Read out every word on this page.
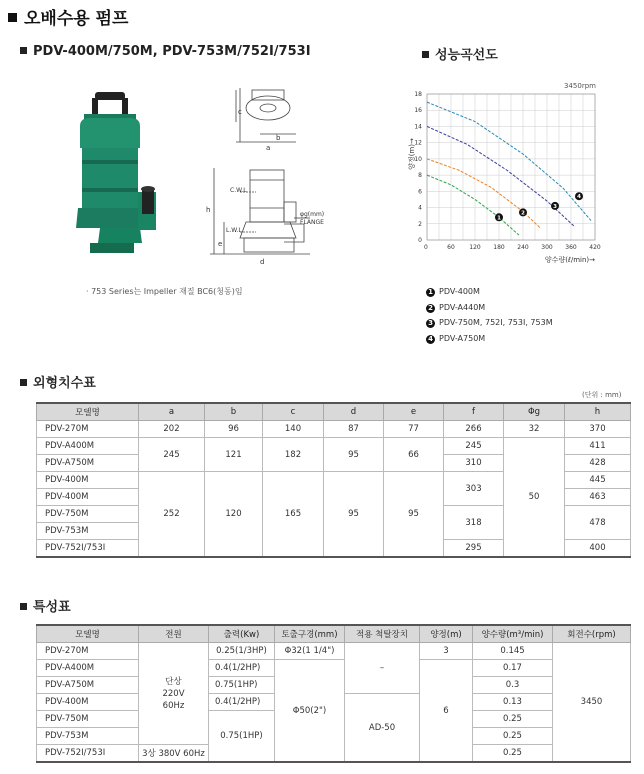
오배수용 펌프
PDV-400M/750M, PDV-753M/752I/753I	성능곡선도
c
b
a
C.W.L
h
L.W.L
e
φg(mm)
FLANGE
d
· 753 Series는 Impeller 재질 BC6(청동)임
3450rpm
0
2
4
6
8
10
12
14
16
18
60 120 180 240 300 360 420
0
양정(m)→
양수량(ℓ/min)→
1
2
3
4
1 PDV-400M
2 PDV-A440M
3 PDV-750M, 752I, 753I, 753M
4 PDV-A750M
외형치수표
(단위 : mm)
모델명	a	b	c	d	e	f	Φg	h
PDV-270M	202	96	140	87	77	266	32	370
PDV-A400M	245	121	182	95	66	245	50	411
PDV-A750M						310		428
PDV-400M	252	120	165	95	95	303		445
PDV-400M								463
PDV-750M						318		478
PDV-753M								
PDV-752I/753I						295		400
특성표
모델명	전원	출력(Kw)	토출구경(mm)	적용 척탈장치	양정(m)	양수량(m³/min)	회전수(rpm)
PDV-270M	단상
220V
60Hz	0.25(1/3HP)	Φ32(1 1/4")	–	3	0.145	3450
PDV-A400M		0.4(1/2HP)	Φ50(2")		6	0.17	
PDV-A750M		0.75(1HP)				0.3	
PDV-400M		0.4(1/2HP)		AD-50		0.13	
PDV-750M		0.75(1HP)				0.25	
PDV-753M						0.25	
PDV-752I/753I	3상 380V 60Hz					0.25	
